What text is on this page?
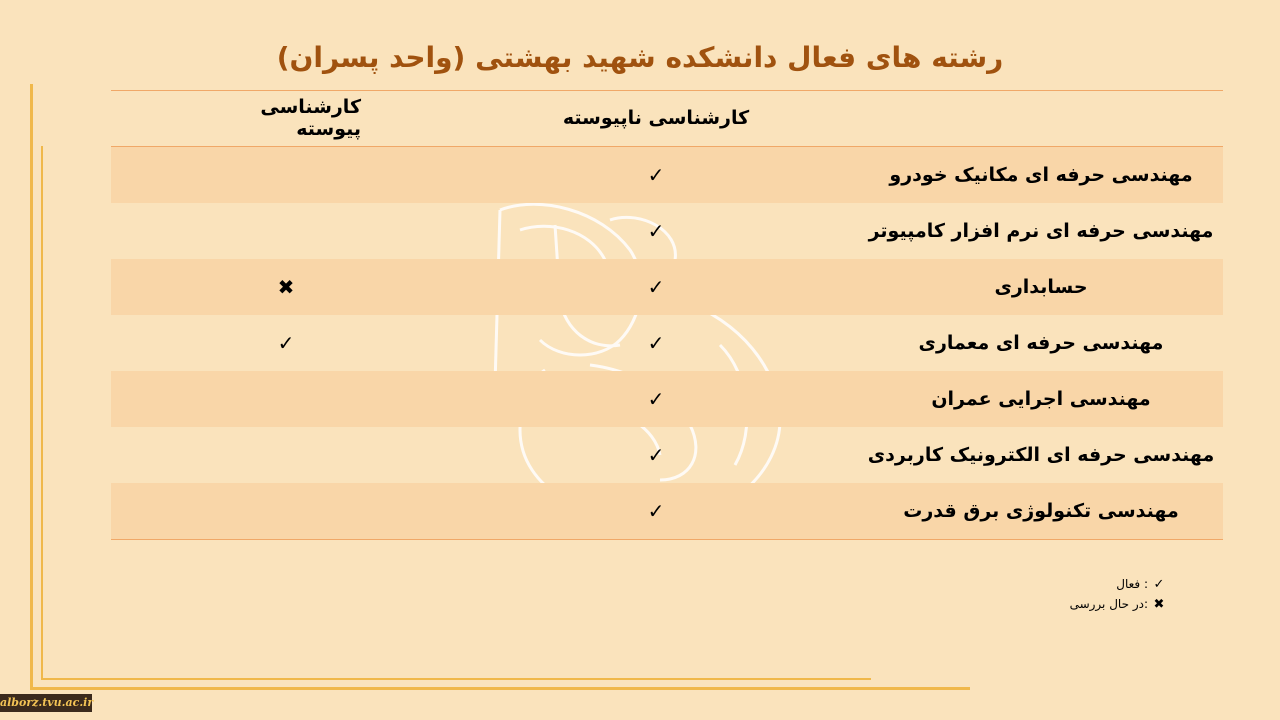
رشته های فعال دانشکده شهید بهشتی (واحد پسران)
کارشناسی ناپیوسته
کارشناسی پیوسته
مهندسی حرفه ای مکانیک خودرو
✓
مهندسی حرفه ای نرم افزار کامپیوتر
✓
حسابداری
✓
✖
مهندسی حرفه ای معماری
✓
✓
مهندسی اجرایی عمران
✓
مهندسی حرفه ای الکترونیک کاربردی
✓
مهندسی تکنولوژی برق قدرت
✓
✓
: فعال
✖
:در حال بررسی
alborz.tvu.ac.ir
